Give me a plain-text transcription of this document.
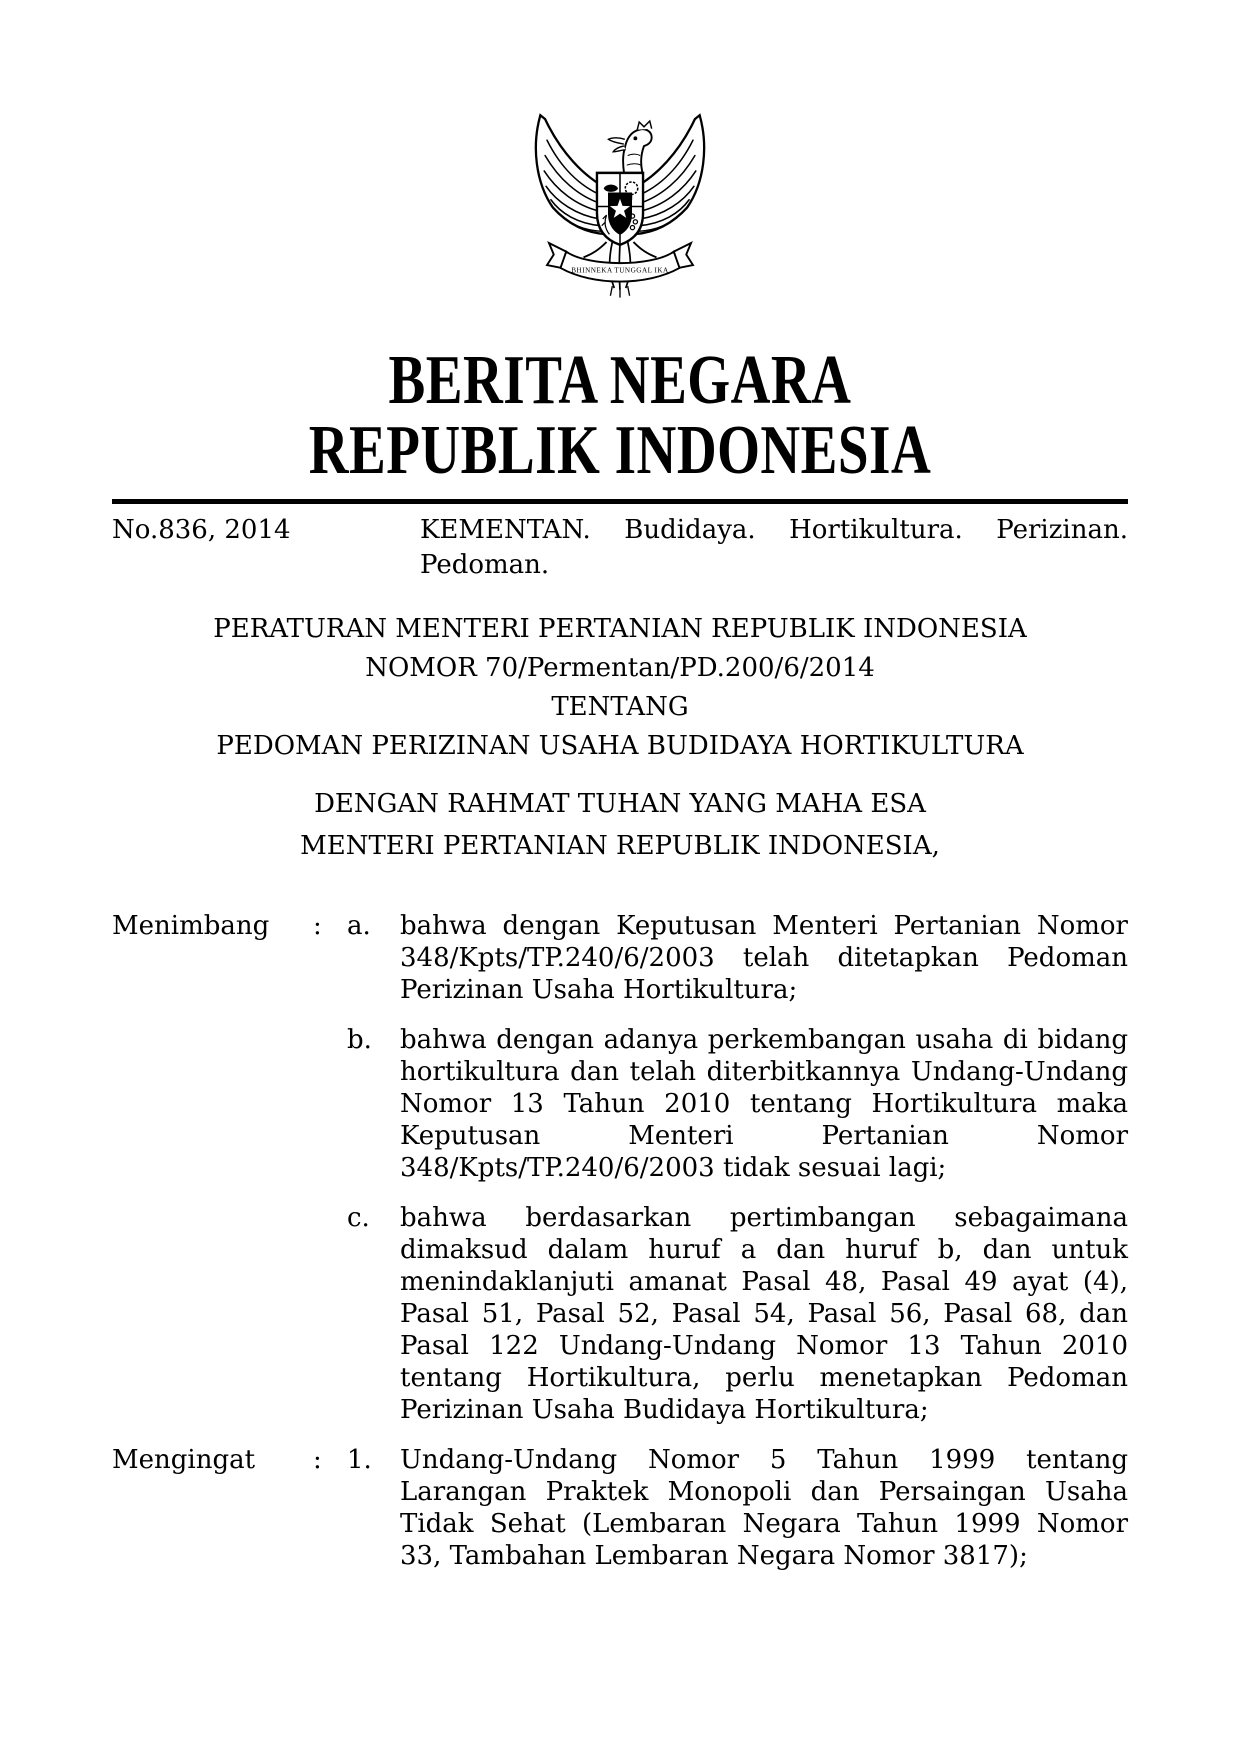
BHINNEKA TUNGGAL IKA
BERITA NEGARA
REPUBLIK INDONESIA
No.836, 2014	KEMENTAN. Budidaya. Hortikultura. Perizinan. Pedoman.
PERATURAN MENTERI PERTANIAN REPUBLIK INDONESIA
NOMOR 70/Permentan/PD.200/6/2014
TENTANG
PEDOMAN PERIZINAN USAHA BUDIDAYA HORTIKULTURA
DENGAN RAHMAT TUHAN YANG MAHA ESA
MENTERI PERTANIAN REPUBLIK INDONESIA,
Menimbang	: a.	bahwa dengan Keputusan Menteri Pertanian Nomor 348/Kpts/TP.240/6/2003 telah ditetapkan Pedoman Perizinan Usaha Hortikultura;
b.	bahwa dengan adanya perkembangan usaha di bidang hortikultura dan telah diterbitkannya Undang-Undang Nomor 13 Tahun 2010 tentang Hortikultura maka Keputusan Menteri Pertanian Nomor 348/Kpts/TP.240/6/2003 tidak sesuai lagi;
c.	bahwa berdasarkan pertimbangan sebagaimana dimaksud dalam huruf a dan huruf b, dan untuk menindaklanjuti amanat Pasal 48, Pasal 49 ayat (4), Pasal 51, Pasal 52, Pasal 54, Pasal 56, Pasal 68, dan Pasal 122 Undang-Undang Nomor 13 Tahun 2010 tentang Hortikultura, perlu menetapkan Pedoman Perizinan Usaha Budidaya Hortikultura;
Mengingat	: 1.	Undang-Undang Nomor 5 Tahun 1999 tentang Larangan Praktek Monopoli dan Persaingan Usaha Tidak Sehat (Lembaran Negara Tahun 1999 Nomor 33, Tambahan Lembaran Negara Nomor 3817);
